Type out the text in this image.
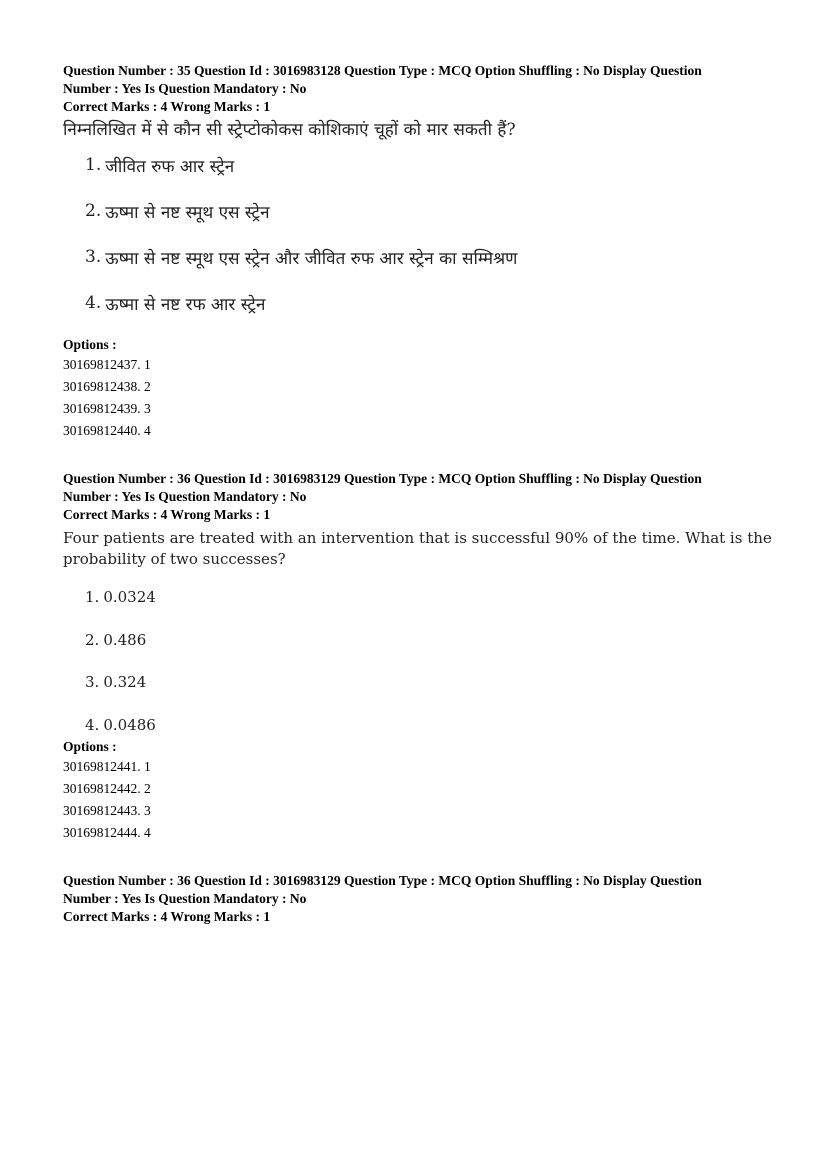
Question Number : 35 Question Id : 3016983128 Question Type : MCQ Option Shuffling : No Display Question

Number : Yes Is Question Mandatory : No

Correct Marks : 4 Wrong Marks : 1

निम्नलिखित में से कौन सी स्ट्रेप्टोकोकस कोशिकाएं चूहों को मार सकती हैं?

1. जीवित रुफ आर स्ट्रेन
2. ऊष्मा से नष्ट स्मूथ एस स्ट्रेन
3. ऊष्मा से नष्ट स्मूथ एस स्ट्रेन और जीवित रुफ आर स्ट्रेन का सम्मिश्रण
4. ऊष्मा से नष्ट रफ आर स्ट्रेन

Options :

30169812437. 1
30169812438. 2
30169812439. 3
30169812440. 4

Question Number : 36 Question Id : 3016983129 Question Type : MCQ Option Shuffling : No Display Question

Number : Yes Is Question Mandatory : No

Correct Marks : 4 Wrong Marks : 1

Four patients are treated with an intervention that is successful 90% of the time. What is the

probability of two successes?

1. 0.0324
2. 0.486
3. 0.324
4. 0.0486

Options :

30169812441. 1
30169812442. 2
30169812443. 3
30169812444. 4

Question Number : 36 Question Id : 3016983129 Question Type : MCQ Option Shuffling : No Display Question

Number : Yes Is Question Mandatory : No

Correct Marks : 4 Wrong Marks : 1
